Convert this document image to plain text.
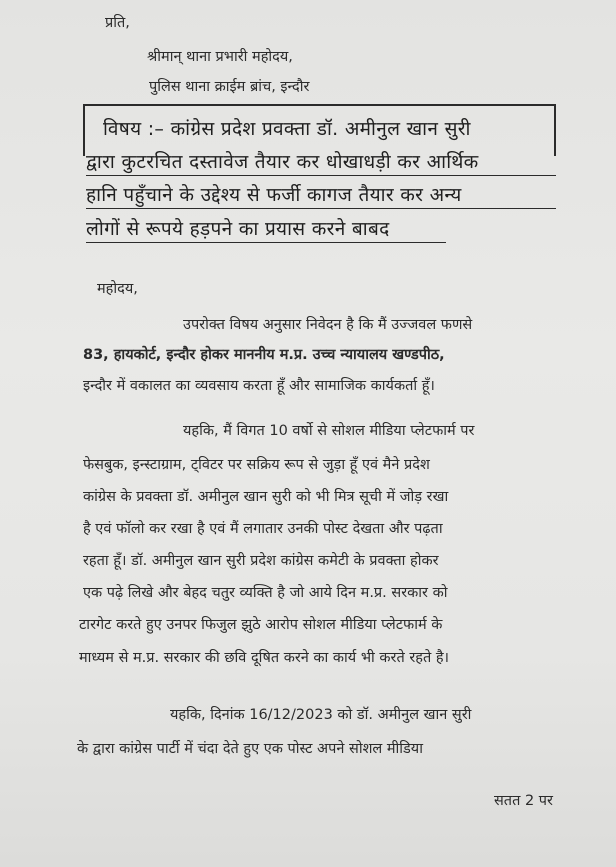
प्रति,
श्रीमान् थाना प्रभारी महोदय,
पुलिस थाना क्राईम ब्रांच, इन्दौर
विषय :– कांग्रेस प्रदेश प्रवक्ता डॉ. अमीनुल खान सुरी
द्वारा कुटरचित दस्तावेज तैयार कर धोखाधड़ी कर आर्थिक
हानि पहुँचाने के उद्देश्य से फर्जी कागज तैयार कर अन्य
लोगों से रूपये हड़पने का प्रयास करने बाबद
महोदय,
उपरोक्त विषय अनुसार निवेदन है कि मैं उज्जवल फणसे
83, हायकोर्ट, इन्दौर होकर माननीय म.प्र. उच्च न्यायालय खण्डपीठ,
इन्दौर में वकालत का व्यवसाय करता हूँ और सामाजिक कार्यकर्ता हूँ।
यहकि, मैं विगत 10 वर्षो से सोशल मीडिया प्लेटफार्म पर
फेसबुक, इन्स्टाग्राम, ट्विटर पर सक्रिय रूप से जुड़ा हूँ एवं मैने प्रदेश
कांग्रेस के प्रवक्ता डॉ. अमीनुल खान सुरी को भी मित्र सूची में जोड़ रखा
है एवं फॉलो कर रखा है एवं मैं लगातार उनकी पोस्ट देखता और पढ़ता
रहता हूँ। डॉ. अमीनुल खान सुरी प्रदेश कांग्रेस कमेटी के प्रवक्ता होकर
एक पढ़े लिखे और बेहद चतुर व्यक्ति है जो आये दिन म.प्र. सरकार को
टारगेट करते हुए उनपर फिजुल झुठे आरोप सोशल मीडिया प्लेटफार्म के
माध्यम से म.प्र. सरकार की छवि दूषित करने का कार्य भी करते रहते है।
यहकि, दिनांक 16/12/2023 को डॉ. अमीनुल खान सुरी
के द्वारा कांग्रेस पार्टी में चंदा देते हुए एक पोस्ट अपने सोशल मीडिया
सतत 2 पर
